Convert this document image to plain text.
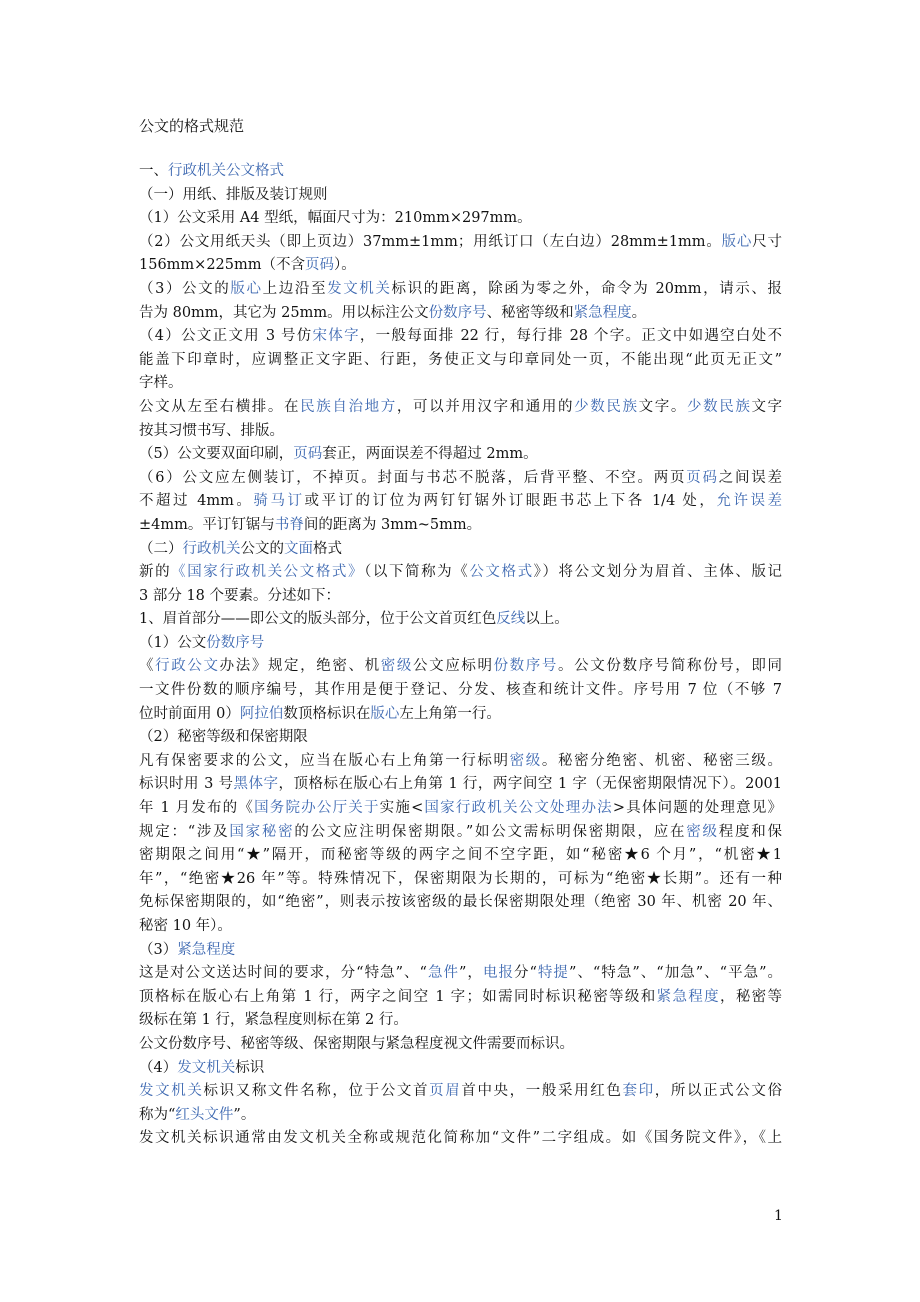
公文的格式规范
一、行政机关公文格式
（一）用纸、排版及装订规则
（1）公文采用 A4 型纸，幅面尺寸为：210mm×297mm。
（2）公文用纸天头（即上页边）37mm±1mm；用纸订口（左白边）28mm±1mm。版心尺寸
156mm×225mm（不含页码）。
（3）公文的版心上边沿至发文机关标识的距离，除函为零之外，命令为 20mm，请示、报
告为 80mm，其它为 25mm。用以标注公文份数序号、秘密等级和紧急程度。
（4）公文正文用 3 号仿宋体字，一般每面排 22 行，每行排 28 个字。正文中如遇空白处不
能盖下印章时，应调整正文字距、行距，务使正文与印章同处一页，不能出现“此页无正文”
字样。
公文从左至右横排。在民族自治地方，可以并用汉字和通用的少数民族文字。少数民族文字
按其习惯书写、排版。
（5）公文要双面印刷，页码套正，两面误差不得超过 2mm。
（6）公文应左侧装订，不掉页。封面与书芯不脱落，后背平整、不空。两页页码之间误差
不超过 4mm。骑马订或平订的订位为两钉钉锯外订眼距书芯上下各 1/4 处，允许误差
±4mm。平订钉锯与书脊间的距离为 3mm~5mm。
（二）行政机关公文的文面格式
新的《国家行政机关公文格式》（以下简称为《公文格式》）将公文划分为眉首、主体、版记
3 部分 18 个要素。分述如下：
1、眉首部分——即公文的版头部分，位于公文首页红色反线以上。
（1）公文份数序号
《行政公文办法》规定，绝密、机密级公文应标明份数序号。公文份数序号简称份号，即同
一文件份数的顺序编号，其作用是便于登记、分发、核查和统计文件。序号用 7 位（不够 7
位时前面用 0）阿拉伯数顶格标识在版心左上角第一行。
（2）秘密等级和保密期限
凡有保密要求的公文，应当在版心右上角第一行标明密级。秘密分绝密、机密、秘密三级。
标识时用 3 号黑体字，顶格标在版心右上角第 1 行，两字间空 1 字（无保密期限情况下）。2001
年 1 月发布的《国务院办公厅关于实施<国家行政机关公文处理办法>具体问题的处理意见》
规定：“涉及国家秘密的公文应注明保密期限。”如公文需标明保密期限，应在密级程度和保
密期限之间用“★”隔开，而秘密等级的两字之间不空字距，如“秘密★6 个月”，“机密★1
年”，“绝密★26 年”等。特殊情况下，保密期限为长期的，可标为“绝密★长期”。还有一种
免标保密期限的，如“绝密”，则表示按该密级的最长保密期限处理（绝密 30 年、机密 20 年、
秘密 10 年）。
（3）紧急程度
这是对公文送达时间的要求，分“特急”、“急件”，电报分“特提”、“特急”、“加急”、“平急”。
顶格标在版心右上角第 1 行，两字之间空 1 字；如需同时标识秘密等级和紧急程度，秘密等
级标在第 1 行，紧急程度则标在第 2 行。
公文份数序号、秘密等级、保密期限与紧急程度视文件需要而标识。
（4）发文机关标识
发文机关标识又称文件名称，位于公文首页眉首中央，一般采用红色套印，所以正式公文俗
称为“红头文件”。
发文机关标识通常由发文机关全称或规范化简称加“文件”二字组成。如《国务院文件》，《上
1
